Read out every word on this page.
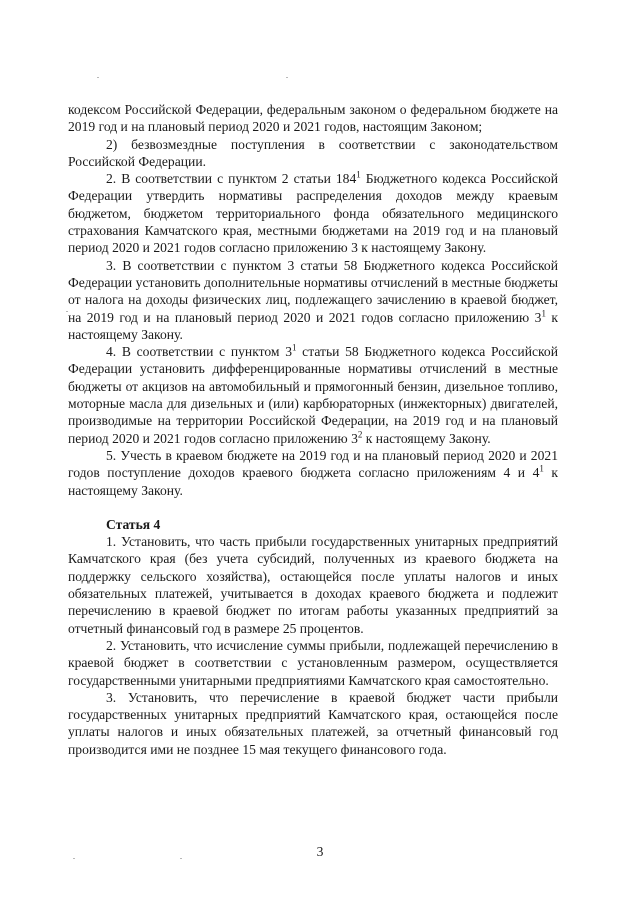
кодексом Российской Федерации, федеральным законом о федеральном бюджете на 2019 год и на плановый период 2020 и 2021 годов, настоящим Законом;

2) безвозмездные поступления в соответствии с законодательством Российской Федерации.

2. В соответствии с пунктом 2 статьи $184^1$ Бюджетного кодекса Российской Федерации утвердить нормативы распределения доходов между краевым бюджетом, бюджетом территориального фонда обязательного медицинского страхования Камчатского края, местными бюджетами на 2019 год и на плановый период 2020 и 2021 годов согласно приложению 3 к настоящему Закону.

3. В соответствии с пунктом 3 статьи 58 Бюджетного кодекса Российской Федерации установить дополнительные нормативы отчислений в местные бюджеты от налога на доходы физических лиц, подлежащего зачислению в краевой бюджет, на 2019 год и на плановый период 2020 и 2021 годов согласно приложению $3^1$ к настоящему Закону.

4. В соответствии с пунктом $3^1$ статьи 58 Бюджетного кодекса Российской Федерации установить дифференцированные нормативы отчислений в местные бюджеты от акцизов на автомобильный и прямогонный бензин, дизельное топливо, моторные масла для дизельных и (или) карбюраторных (инжекторных) двигателей, производимые на территории Российской Федерации, на 2019 год и на плановый период 2020 и 2021 годов согласно приложению $3^2$ к настоящему Закону.

5. Учесть в краевом бюджете на 2019 год и на плановый период 2020 и 2021 годов поступление доходов краевого бюджета согласно приложениям 4 и $4^1$ к настоящему Закону.

Статья 4

1. Установить, что часть прибыли государственных унитарных предприятий Камчатского края (без учета субсидий, полученных из краевого бюджета на поддержку сельского хозяйства), остающейся после уплаты налогов и иных обязательных платежей, учитывается в доходах краевого бюджета и подлежит перечислению в краевой бюджет по итогам работы указанных предприятий за отчетный финансовый год в размере 25 процентов.

2. Установить, что исчисление суммы прибыли, подлежащей перечислению в краевой бюджет в соответствии с установленным размером, осуществляется государственными унитарными предприятиями Камчатского края самостоятельно.

3. Установить, что перечисление в краевой бюджет части прибыли государственных унитарных предприятий Камчатского края, остающейся после уплаты налогов и иных обязательных платежей, за отчетный финансовый год производится ими не позднее 15 мая текущего финансового года.

3
